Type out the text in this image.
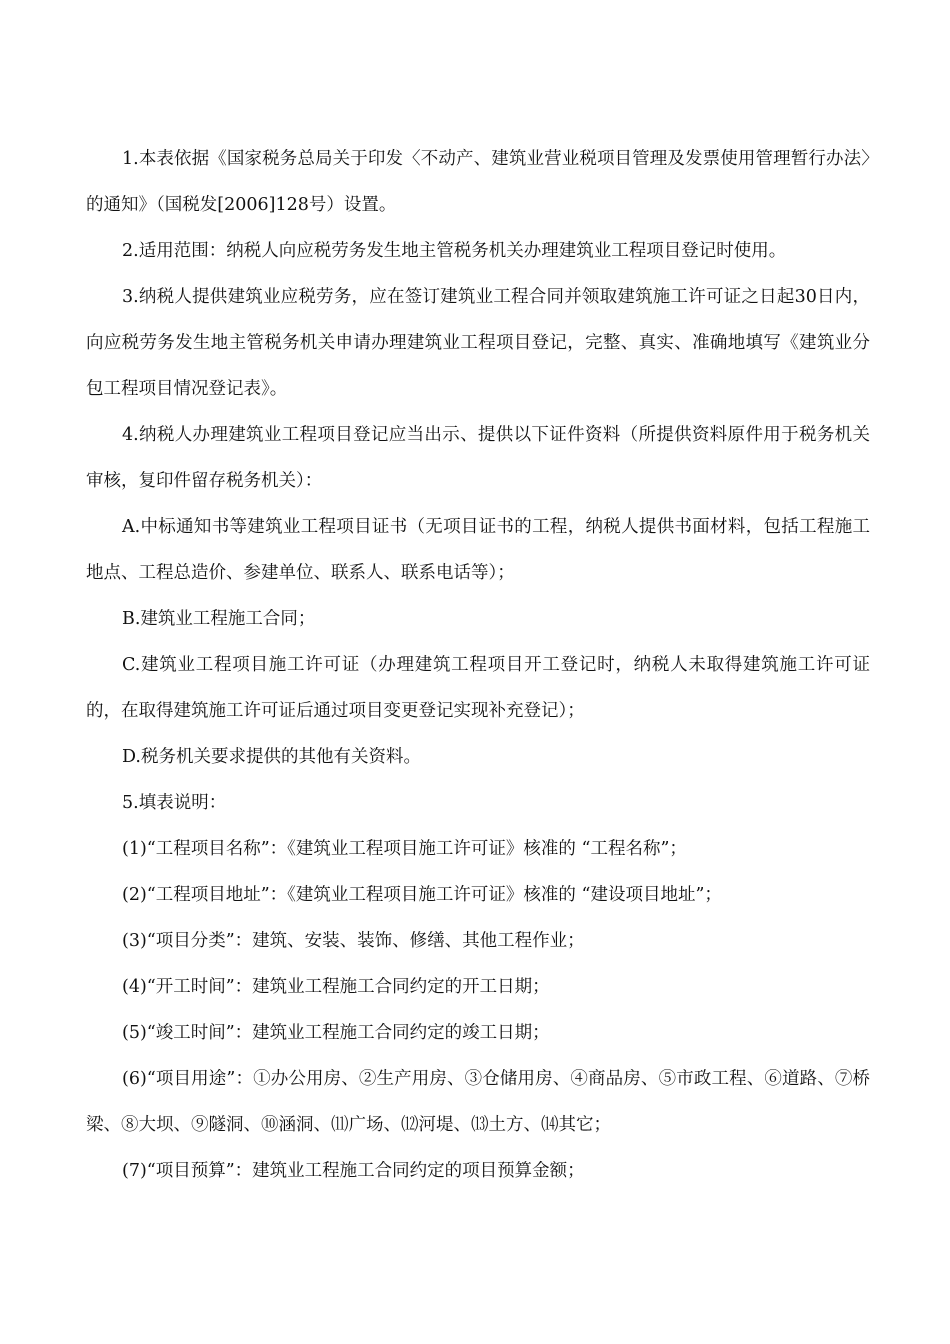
1.本表依据《国家税务总局关于印发〈不动产、建筑业营业税项目管理及发票使用管理暂行办法〉的通知》（国税发[2006]128号）设置。

2.适用范围：纳税人向应税劳务发生地主管税务机关办理建筑业工程项目登记时使用。

3.纳税人提供建筑业应税劳务，应在签订建筑业工程合同并领取建筑施工许可证之日起30日内，向应税劳务发生地主管税务机关申请办理建筑业工程项目登记，完整、真实、准确地填写《建筑业分包工程项目情况登记表》。

4.纳税人办理建筑业工程项目登记应当出示、提供以下证件资料（所提供资料原件用于税务机关审核，复印件留存税务机关）：

A.中标通知书等建筑业工程项目证书（无项目证书的工程，纳税人提供书面材料，包括工程施工地点、工程总造价、参建单位、联系人、联系电话等）；

B.建筑业工程施工合同；

C.建筑业工程项目施工许可证（办理建筑工程项目开工登记时，纳税人未取得建筑施工许可证的，在取得建筑施工许可证后通过项目变更登记实现补充登记）；

D.税务机关要求提供的其他有关资料。

5.填表说明：

(1)“工程项目名称”：《建筑业工程项目施工许可证》核准的 “工程名称”；

(2)“工程项目地址”：《建筑业工程项目施工许可证》核准的 “建设项目地址”；

(3)“项目分类”：建筑、安装、装饰、修缮、其他工程作业；

(4)“开工时间”：建筑业工程施工合同约定的开工日期；

(5)“竣工时间”：建筑业工程施工合同约定的竣工日期；

(6)“项目用途”：①办公用房、②生产用房、③仓储用房、④商品房、⑤市政工程、⑥道路、⑦桥梁、⑧大坝、⑨隧洞、⑩涵洞、⑾广场、⑿河堤、⒀土方、⒁其它；

(7)“项目预算”：建筑业工程施工合同约定的项目预算金额；
